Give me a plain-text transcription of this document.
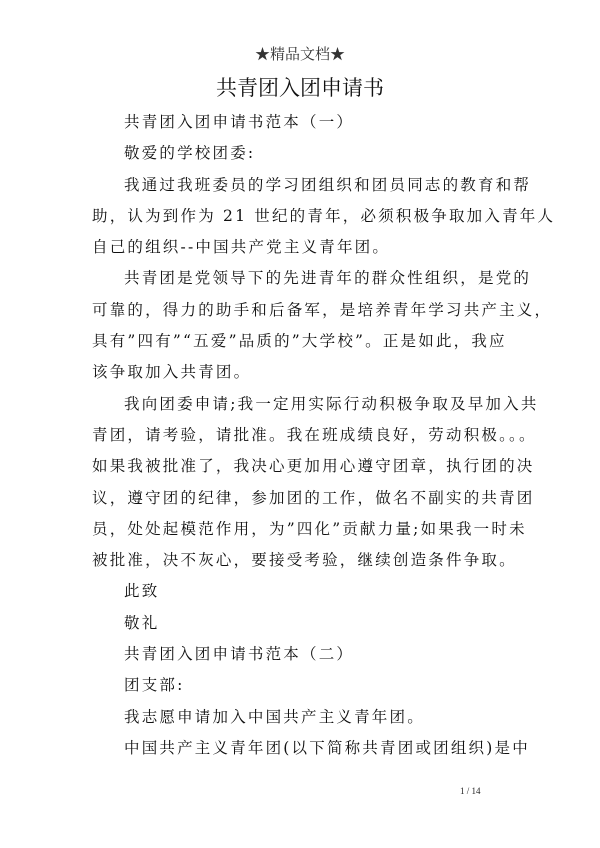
★精品文档★
共青团入团申请书
共青团入团申请书范本（一）
敬爱的学校团委:
我通过我班委员的学习团组织和团员同志的教育和帮
助，认为到作为 21 世纪的青年，必须积极争取加入青年人
自己的组织--中国共产党主义青年团。
共青团是党领导下的先进青年的群众性组织，是党的
可靠的，得力的助手和后备军，是培养青年学习共产主义，
具有”四有”“五爱”品质的”大学校”。正是如此，我应
该争取加入共青团。
我向团委申请;我一定用实际行动积极争取及早加入共
青团，请考验，请批准。我在班成绩良好，劳动积极。。。
如果我被批准了，我决心更加用心遵守团章，执行团的决
议，遵守团的纪律，参加团的工作，做名不副实的共青团
员，处处起模范作用，为”四化”贡献力量;如果我一时未
被批准，决不灰心，要接受考验，继续创造条件争取。
此致
敬礼
共青团入团申请书范本（二）
团支部:
我志愿申请加入中国共产主义青年团。
中国共产主义青年团(以下简称共青团或团组织)是中
1 / 14
